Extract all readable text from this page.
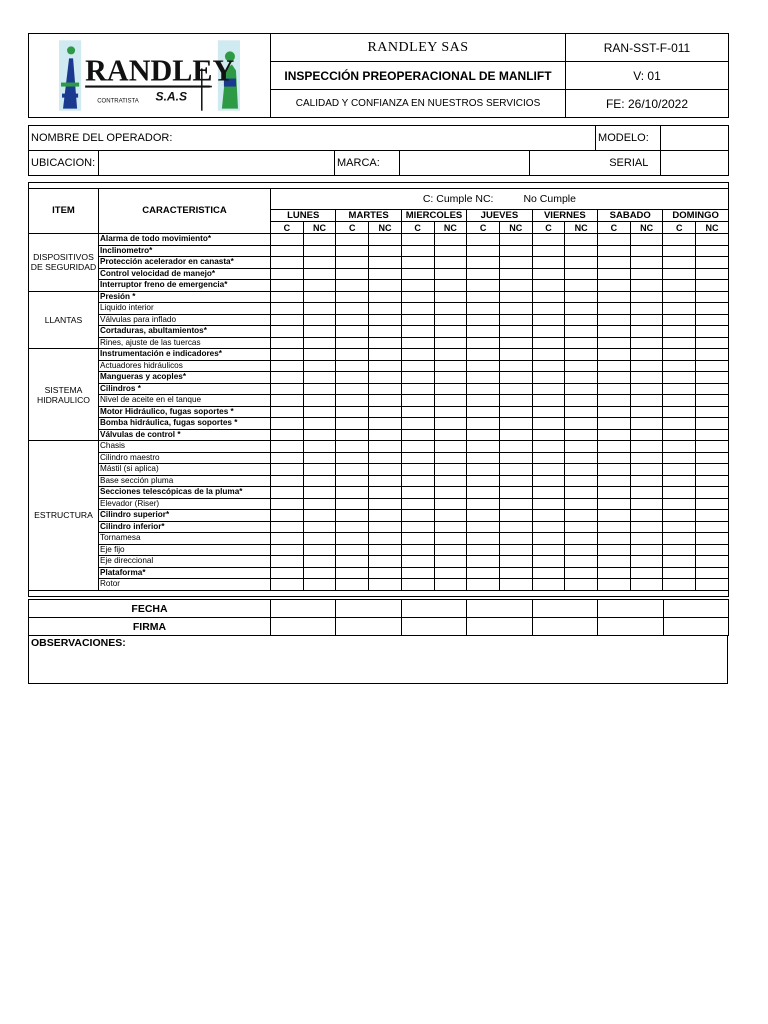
RANDLEY
CONTRATISTA S.A.S	RANDLEY SAS	RAN-SST-F-011
	INSPECCIÓN PREOPERACIONAL DE MANLIFT	V: 01
	CALIDAD Y CONFIANZA EN NUESTROS SERVICIOS	FE: 26/10/2022
NOMBRE DEL OPERADOR:					MODELO:	
UBICACION:		MARCA:			SERIAL	

ITEM	CARACTERISTICA	C: Cumple NC: No Cumple													
		LUNES		MARTES		MIERCOLES		JUEVES		VIERNES		SABADO		DOMINGO	
		C	NC	C	NC	C	NC	C	NC	C	NC	C	NC	C	NC
DISPOSITIVOS DE SEGURIDAD	Alarma de todo movimiento*														
	Inclinometro*														
	Protección acelerador en canasta*														
	Control velocidad de manejo*														
	Interruptor freno de emergencia*														
LLANTAS	Presión *														
	Liquido interior														
	Válvulas para inflado														
	Cortaduras, abultamientos*														
	Rines, ajuste de las tuercas														
SISTEMA HIDRAULICO	Instrumentación e indicadores*														
	Actuadores hidráulicos														
	Mangueras y acoples*														
	Cilindros *														
	Nivel de aceite en el tanque														
	Motor Hidráulico, fugas soportes *														
	Bomba hidráulica, fugas soportes *														
	Válvulas de control *														
ESTRUCTURA	Chasis														
	Cilindro maestro														
	Mástil (si aplica)														
	Base sección pluma														
	Secciones telescópicas de la pluma*														
	Elevador (Riser)														
	Cilindro superior*														
	Cilindro inferior*														
	Tornamesa														
	Eje fijo														
	Eje direccional														
	Plataforma*														
	Rotor														

FECHA							
FIRMA							
OBSERVACIONES:
